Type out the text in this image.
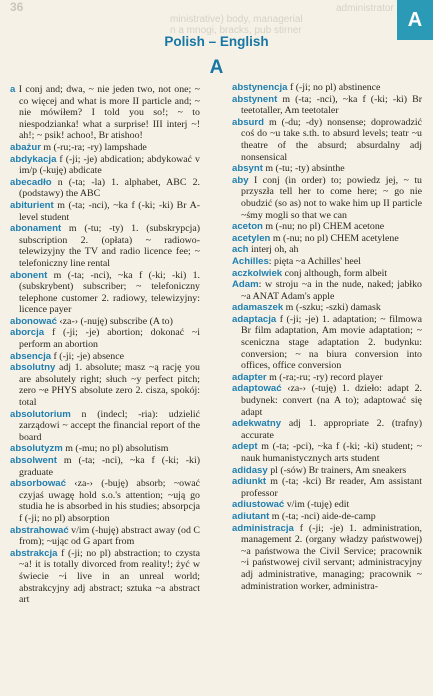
36	administrator
ministrative) body, managerial
n a mnogi, bracks, pub stirner	A
Polish – English
A

a I conj and; dwa, ~ nie jeden two, not one; ~ co więcej and what is more II particle and; ~ nie mówiłem? I told you so!; ~ to niespodzianka! what a surprise! III interj ~! ah!; ~ psik! achoo!, Br atishoo!

abażur m (-ru;-ra; -ry) lampshade

abdykacja f (-ji; -je) abdication; abdykować v im/p (-kuję) abdicate

abecadło n (-ta; -la) 1. alphabet, ABC 2. (podstawy) the ABC

abiturient m (-ta; -nci), ~ka f (-ki; -ki) Br A-level student

abonament m (-tu; -ty) 1. (subskrypcja) subscription 2. (opłata) ~ radiowo-telewizyjny the TV and radio licence fee; ~ telefoniczny line rental

abonent m (-ta; -nci), ~ka f (-ki; -ki) 1. (subskrybent) subscriber; ~ telefoniczny telephone customer 2. radiowy, telewizyjny: licence payer

abonować ‹za-› (-nuję) subscribe (A to)

aborcja f (-ji; -je) abortion; dokonać ~i perform an abortion

absencja f (-ji; -je) absence

absolutny adj 1. absolute; masz ~ą rację you are absolutely right; słuch ~y perfect pitch; zero ~e PHYS absolute zero 2. cisza, spokój: total

absolutorium n (indecl; -ria): udzielić zarządowi ~ accept the financial report of the board

absolutyzm m (-mu; no pl) absolutism

absolwent m (-ta; -nci), ~ka f (-ki; -ki) graduate

absorbować ‹za-› (-buję) absorb; ~ować czyjaś uwagę hold s.o.'s attention; ~ują go studia he is absorbed in his studies; absorpcja f (-ji; no pl) absorption

abstrahować v/im (-huję) abstract away (od C from); ~ując od G apart from

abstrakcja f (-ji; no pl) abstraction; to czysta ~a! it is totally divorced from reality!; żyć w świecie ~i live in an unreal world; abstrakcyjny adj abstract; sztuka ~a abstract art

abstynencja f (-ji; no pl) abstinence

abstynent m (-ta; -nci), ~ka f (-ki; -ki) Br teetotaller, Am teetotaler

absurd m (-du; -dy) nonsense; doprowadzić coś do ~u take s.th. to absurd levels; teatr ~u theatre of the absurd; absurdalny adj nonsensical

absynt m (-tu; -ty) absinthe

aby I conj (in order) to; powiedz jej, ~ tu przyszła tell her to come here; ~ go nie obudzić (so as) not to wake him up II particle ~śmy mogli so that we can

aceton m (-nu; no pl) CHEM acetone

acetylen m (-nu; no pl) CHEM acetylene

ach interj oh, ah

Achilles: pięta ~a Achilles' heel

aczkolwiek conj although, form albeit

Adam: w stroju ~a in the nude, naked; jabłko ~a ANAT Adam's apple

adamaszek m (-szku; -szki) damask

adaptacja f (-ji; -je) 1. adaptation; ~ filmowa Br film adaptation, Am movie adaptation; ~ sceniczna stage adaptation 2. budynku: conversion; ~ na biura conversion into offices, office conversion

adapter m (-ra;-ru; -ry) record player

adaptować ‹za-› (-tuję) 1. dzieło: adapt 2. budynek: convert (na A to); adaptować się adapt

adekwatny adj 1. appropriate 2. (trafny) accurate

adept m (-ta; -pci), ~ka f (-ki; -ki) student; ~ nauk humanistycznych arts student

adidasy pl (-sów) Br trainers, Am sneakers

adiunkt m (-ta; -kci) Br reader, Am assistant professor

adiustować v/im (-tuję) edit

adiutant m (-ta; -nci) aide-de-camp

administracja f (-ji; -je) 1. administration, management 2. (organy władzy państwowej) ~a państwowa the Civil Service; pracownik ~i państwowej civil servant; administracyjny adj administrative, managing; pracownik ~ administration worker, administra-
